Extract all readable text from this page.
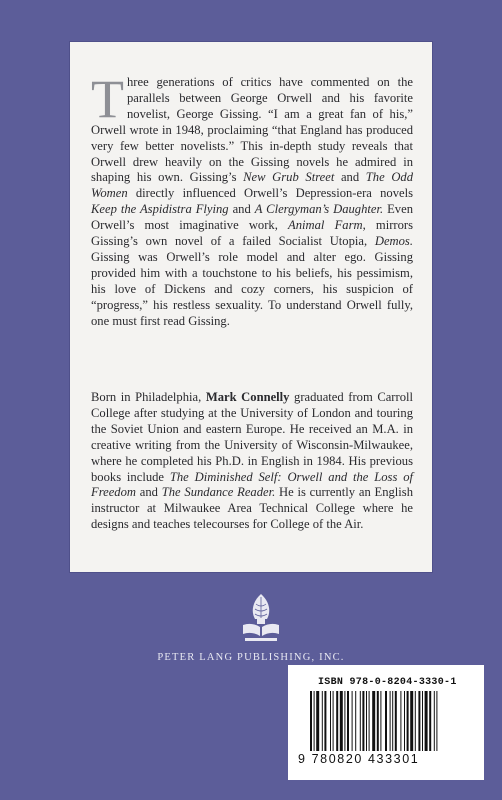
Three generations of critics have commented on the parallels between George Orwell and his favorite novelist, George Gissing. “I am a great fan of his,” Orwell wrote in 1948, proclaiming “that England has produced very few better novelists.” This in-depth study reveals that Orwell drew heavily on the Gissing novels he admired in shaping his own. Gissing’s New Grub Street and The Odd Women directly influenced Orwell’s Depression-era novels Keep the Aspidistra Flying and A Clergyman’s Daughter. Even Orwell’s most imaginative work, Animal Farm, mirrors Gissing’s own novel of a failed Socialist Utopia, Demos. Gissing was Orwell’s role model and alter ego. Gissing provided him with a touchstone to his beliefs, his pessimism, his love of Dickens and cozy corners, his suspicion of “progress,” his restless sexuality. To understand Orwell fully, one must first read Gissing.

Born in Philadelphia, Mark Connelly graduated from Carroll College after studying at the University of London and touring the Soviet Union and eastern Europe. He received an M.A. in creative writing from the University of Wisconsin-Milwaukee, where he completed his Ph.D. in English in 1984. His previous books include The Diminished Self: Orwell and the Loss of Freedom and The Sundance Reader. He is currently an English instructor at Milwaukee Area Technical College where he designs and teaches telecourses for College of the Air.

PETER LANG PUBLISHING, INC.
ISBN 978-0-8204-3330-1
9 780820 433301
